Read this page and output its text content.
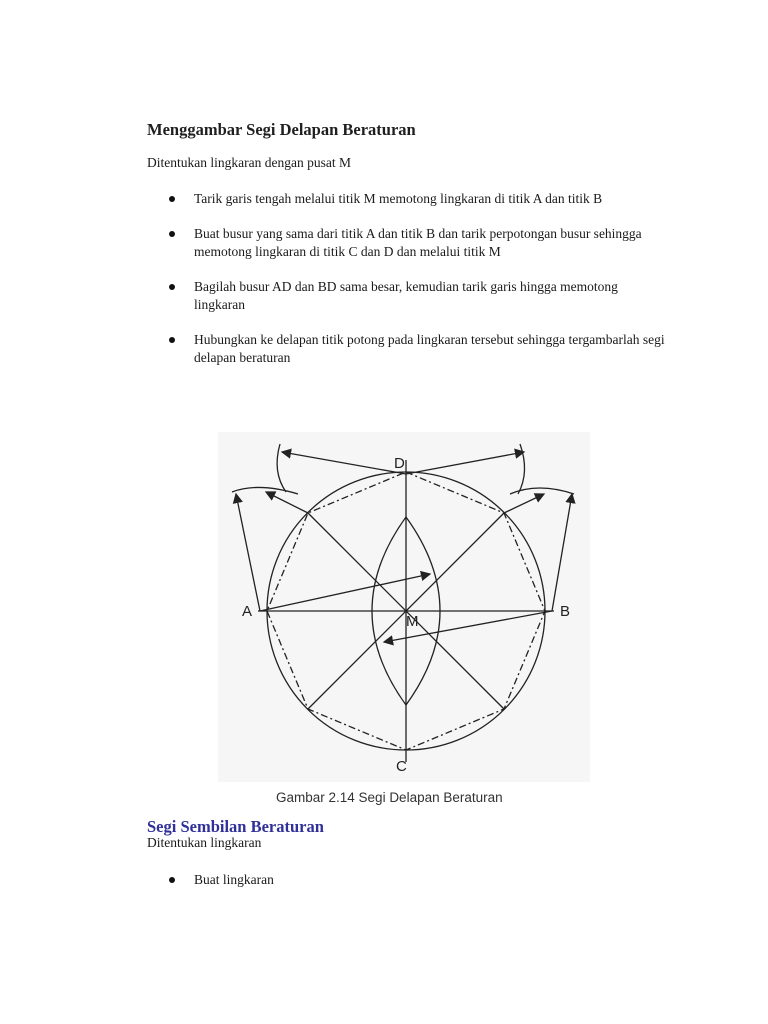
Menggambar Segi Delapan Beraturan
Ditentukan lingkaran dengan pusat M
Tarik garis tengah melalui titik M memotong lingkaran di titik A dan titik B
Buat busur yang sama dari titik A dan titik B dan tarik perpotongan busur sehingga memotong lingkaran di titik C dan D dan melalui titik M
Bagilah busur AD dan BD sama besar, kemudian tarik garis hingga memotong lingkaran
Hubungkan ke delapan titik potong pada lingkaran tersebut sehingga tergambarlah segi delapan beraturan
D
A	B
M
C
Gambar 2.14 Segi Delapan Beraturan
Segi Sembilan Beraturan
Ditentukan lingkaran
Buat lingkaran
